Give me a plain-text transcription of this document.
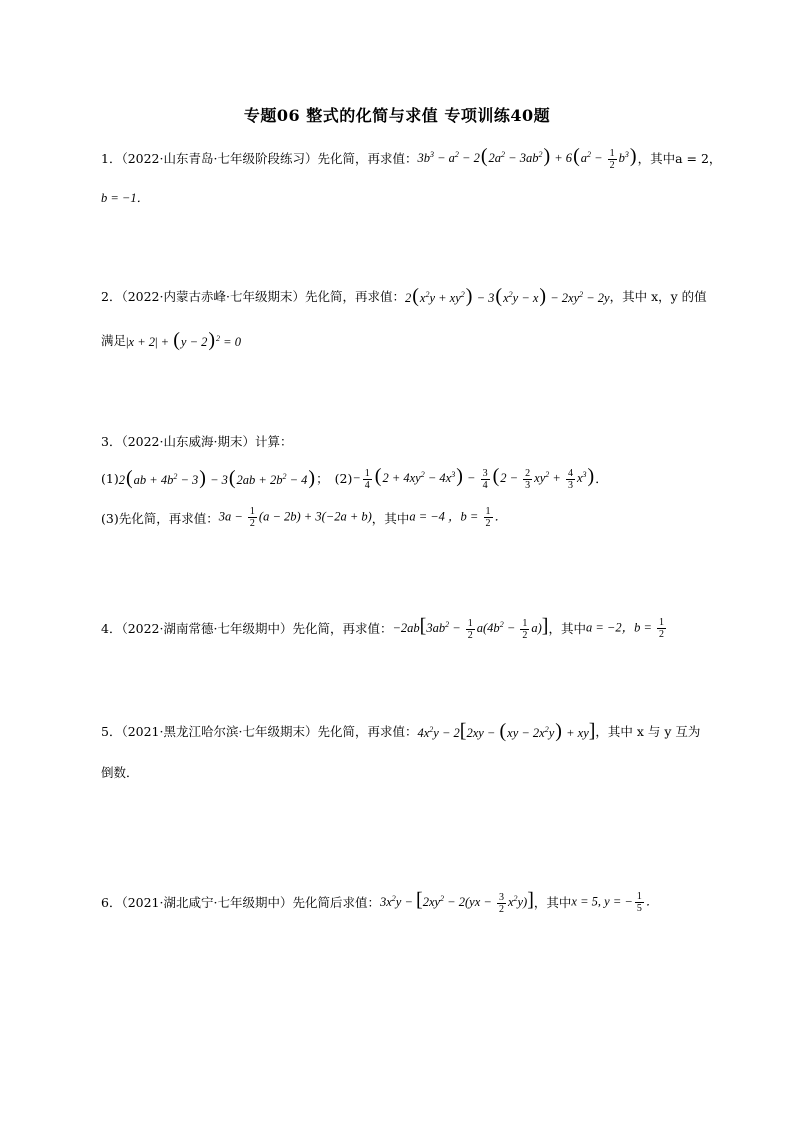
专题06 整式的化简与求值 专项训练40题
1．（2022·山东青岛·七年级阶段练习）先化简，再求值： $3b^3 - a^2 - 2(2a^2 - 3ab^2) + 6(a^2 - \frac{1}{2} b^3)$ ，其中a = 2，
b = −1．
2．（2022·内蒙古赤峰·七年级期末）先化简，再求值： $2(x^2y + xy^2) - 3(x^2y - x) - 2xy^2 - 2y$ ，其中 x，y 的值
满足 $|x + 2| + (y - 2)^2 = 0$
3．（2022·山东威海·期末）计算：
(1) $2(ab + 4b^2 - 3) - 3(2ab + 2b^2 - 4)$ ； $(2) - \frac{1}{4} (2 + 4xy^2 - 4x^3) - \frac{3}{4} (2 - \frac{2}{3} xy^2 + \frac{4}{3} x^3)$ ．
(3)先化简，再求值： $3a - \frac{1}{2} (a - 2b) + 3(-2a + b)$ ，其中 a = −4 ，$b = \frac{1}{2}$ ．
4．（2022·湖南常德·七年级期中）先化简，再求值： $-2ab[3ab^2 - \frac{1}{2} a(4b^2 - \frac{1}{2} a)]$ ，其中 a = −2，$b = \frac{1}{2}$
5．（2021·黑龙江哈尔滨·七年级期末）先化简，再求值： $4x^2y - 2[2xy - (xy - 2x^2y) + xy]$ ，其中 x 与 y 互为
倒数．
6．（2021·湖北咸宁·七年级期中）先化简后求值： $3x^2y - [2xy^2 - 2(yx - \frac{3}{2} x^2y)]$ ，其中 x = 5, y = − $\frac{1}{5}$ ．
